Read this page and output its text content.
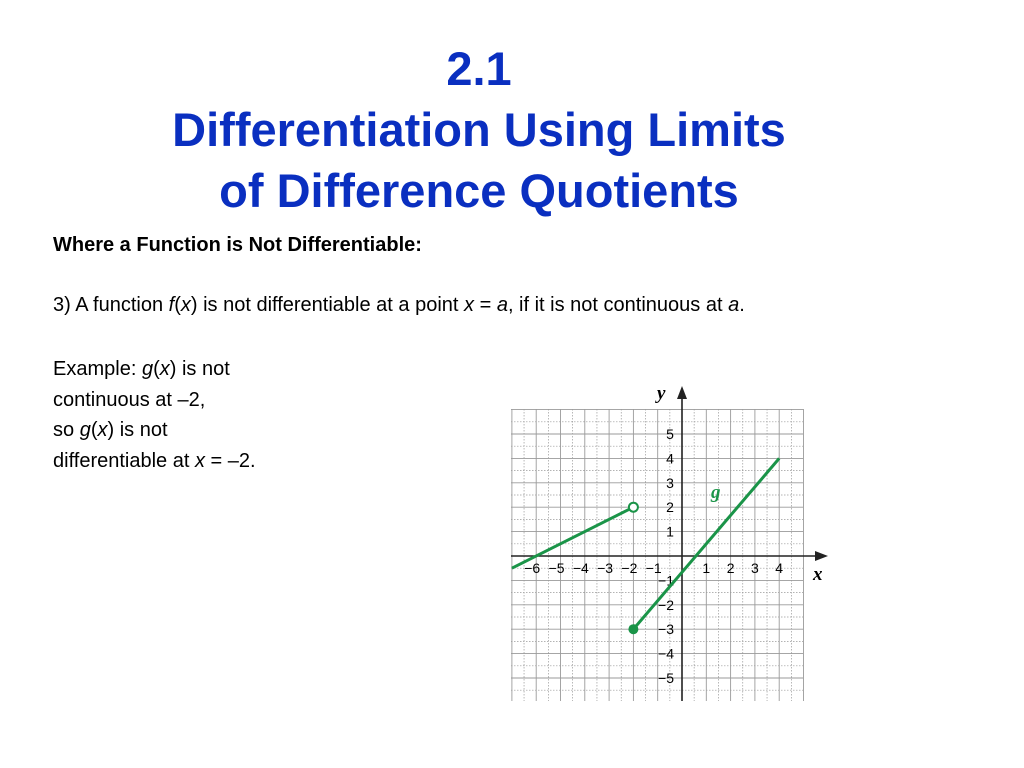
2.1
Differentiation Using Limits
of Difference Quotients
Where a Function is Not Differentiable:
3) A function f(x) is not differentiable at a point x = a, if it is not continuous at a.
Example: g(x) is not
continuous at –2,
so g(x) is not
differentiable at x = –2.
x
y
−6 −5 −4 −3 −2 −1	1 2 3 4
1
2
3
4
5
−1
−2
−3
−4
−5
g
